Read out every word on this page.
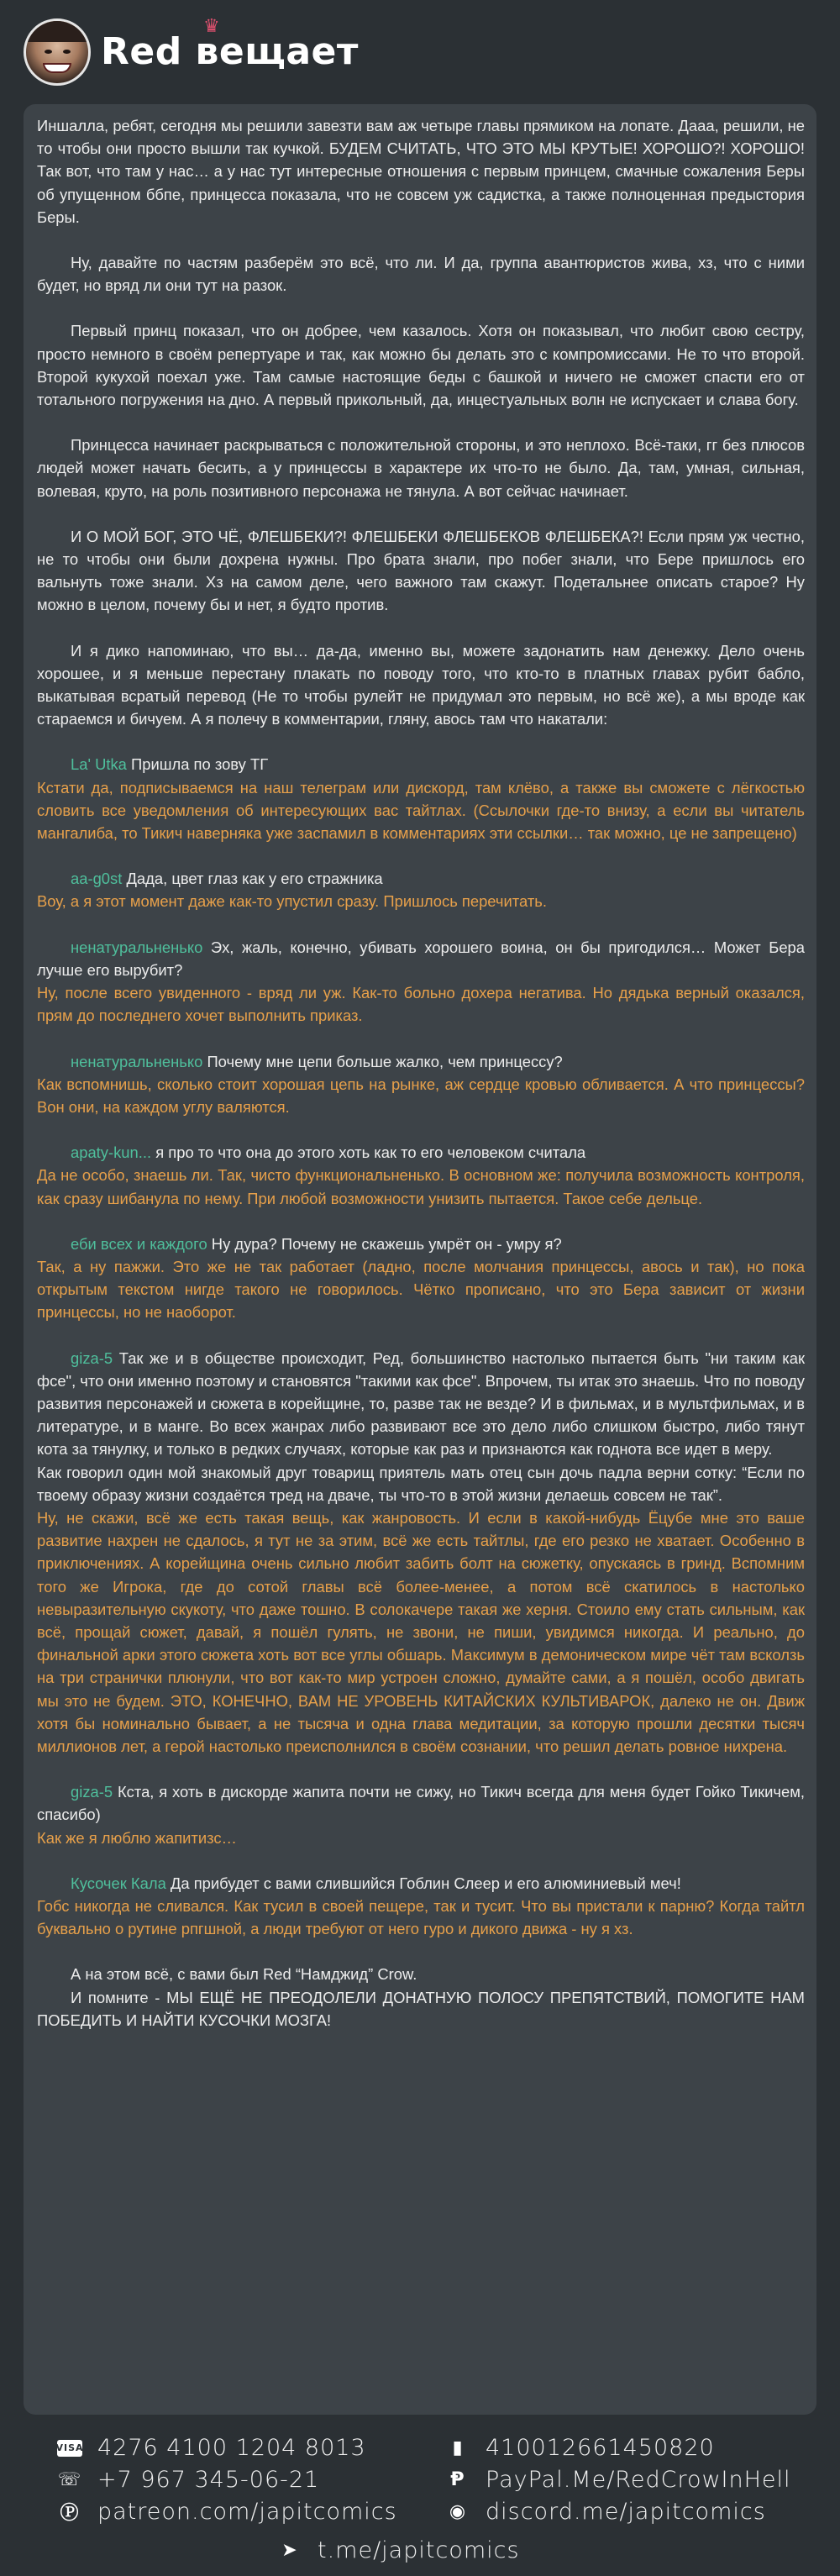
♛
Red вещает

Иншалла, ребят, сегодня мы решили завезти вам аж четыре главы прямиком на лопате. Дааа, решили, не то чтобы они просто вышли так кучкой. БУДЕМ СЧИТАТЬ, ЧТО ЭТО МЫ КРУТЫЕ! ХОРОШО?! ХОРОШО! Так вот, что там у нас… а у нас тут интересные отношения с первым принцем, смачные сожаления Беры об упущенном ббпе, принцесса показала, что не совсем уж садистка, а также полноценная предыстория Беры.

Ну, давайте по частям разберём это всё, что ли. И да, группа авантюристов жива, хз, что с ними будет, но вряд ли они тут на разок.

Первый принц показал, что он добрее, чем казалось. Хотя он показывал, что любит свою сестру, просто немного в своём репертуаре и так, как можно бы делать это с компромиссами. Не то что второй. Второй кукухой поехал уже. Там самые настоящие беды с башкой и ничего не сможет спасти его от тотального погружения на дно. А первый прикольный, да, инцестуальных волн не испускает и слава богу.

Принцесса начинает раскрываться с положительной стороны, и это неплохо. Всё-таки, гг без плюсов людей может начать бесить, а у принцессы в характере их что-то не было. Да, там, умная, сильная, волевая, круто, на роль позитивного персонажа не тянула. А вот сейчас начинает.

И О МОЙ БОГ, ЭТО ЧЁ, ФЛЕШБЕКИ?! ФЛЕШБЕКИ ФЛЕШБЕКОВ ФЛЕШБЕКА?! Если прям уж честно, не то чтобы они были дохрена нужны. Про брата знали, про побег знали, что Бере пришлось его вальнуть тоже знали. Хз на самом деле, чего важного там скажут. Подетальнее описать старое? Ну можно в целом, почему бы и нет, я будто против.

И я дико напоминаю, что вы… да-да, именно вы, можете задонатить нам денежку. Дело очень хорошее, и я меньше перестану плакать по поводу того, что кто-то в платных главах рубит бабло, выкатывая всратый перевод (Не то чтобы рулейт не придумал это первым, но всё же), а мы вроде как стараемся и бичуем. А я полечу в комментарии, гляну, авось там что накатали:

La' Utka Пришла по зову ТГ

Кстати да, подписываемся на наш телеграм или дискорд, там клёво, а также вы сможете с лёгкостью словить все уведомления об интересующих вас тайтлах. (Ссылочки где-то внизу, а если вы читатель мангалиба, то Тикич наверняка уже заспамил в комментариях эти ссылки… так можно, це не запрещено)

aa-g0st Дада, цвет глаз как у его стражника

Воу, а я этот момент даже как-то упустил сразу. Пришлось перечитать.

ненатуральненько Эх, жаль, конечно, убивать хорошего воина, он бы пригодился… Может Бера лучше его вырубит?

Ну, после всего увиденного - вряд ли уж. Как-то больно дохера негатива. Но дядька верный оказался, прям до последнего хочет выполнить приказ.

ненатуральненько Почему мне цепи больше жалко, чем принцессу?

Как вспомнишь, сколько стоит хорошая цепь на рынке, аж сердце кровью обливается. А что принцессы? Вон они, на каждом углу валяются.

apaty-kun... я про то что она до этого хоть как то его человеком считала

Да не особо, знаешь ли. Так, чисто функциональненько. В основном же: получила возможность контроля, как сразу шибанула по нему. При любой возможности унизить пытается. Такое себе дельце.

еби всех и каждого Ну дура? Почему не скажешь умрёт он - умру я?

Так, а ну пажжи. Это же не так работает (ладно, после молчания принцессы, авось и так), но пока открытым текстом нигде такого не говорилось. Чётко прописано, что это Бера зависит от жизни принцессы, но не наоборот.

giza-5 Так же и в обществе происходит, Ред, большинство настолько пытается быть "ни таким как фсе", что они именно поэтому и становятся "такими как фсе". Впрочем, ты итак это знаешь. Что по поводу развития персонажей и сюжета в корейщине, то, разве так не везде? И в фильмах, и в мультфильмах, и в литературе, и в манге. Во всех жанрах либо развивают все это дело либо слишком быстро, либо тянут кота за тянулку, и только в редких случаях, которые как раз и признаются как годнота все идет в меру.

Как говорил один мой знакомый друг товарищ приятель мать отец сын дочь падла верни сотку: “Если по твоему образу жизни создаётся тред на дваче, ты что-то в этой жизни делаешь совсем не так”.

Ну, не скажи, всё же есть такая вещь, как жанровость. И если в какой-нибудь Ёцубе мне это ваше развитие нахрен не сдалось, я тут не за этим, всё же есть тайтлы, где его резко не хватает. Особенно в приключениях. А корейщина очень сильно любит забить болт на сюжетку, опускаясь в гринд. Вспомним того же Игрока, где до сотой главы всё более-менее, а потом всё скатилось в настолько невыразительную скукоту, что даже тошно. В солокачере такая же херня. Стоило ему стать сильным, как всё, прощай сюжет, давай, я пошёл гулять, не звони, не пиши, увидимся никогда. И реально, до финальной арки этого сюжета хоть вот все углы обшарь. Максимум в демоническом мире чёт там всколзь на три странички плюнули, что вот как-то мир устроен сложно, думайте сами, а я пошёл, особо двигать мы это не будем. ЭТО, КОНЕЧНО, ВАМ НЕ УРОВЕНЬ КИТАЙСКИХ КУЛЬТИВАРОК, далеко не он. Движ хотя бы номинально бывает, а не тысяча и одна глава медитации, за которую прошли десятки тысяч миллионов лет, а герой настолько преисполнился в своём сознании, что решил делать ровное нихрена.

giza-5 Кста, я хоть в дискорде жапита почти не сижу, но Тикич всегда для меня будет Гойко Тикичем, спасибо)

Как же я люблю жапитизс…

Кусочек Кала Да прибудет с вами слившийся Гоблин Слеер и его алюминиевый меч!

Гобс никогда не сливался. Как тусил в своей пещере, так и тусит. Что вы пристали к парню? Когда тайтл буквально о рутине рпгшной, а люди требуют от него гуро и дикого движа - ну я хз.

А на этом всё, с вами был Red “Намджид” Crow.

И помните - МЫ ЕЩЁ НЕ ПРЕОДОЛЕЛИ ДОНАТНУЮ ПОЛОСУ ПРЕПЯТСТВИЙ, ПОМОГИТЕ НАМ ПОБЕДИТЬ И НАЙТИ КУСОЧКИ МОЗГА!

VISA 4276 4100 1204 8013
☏ +7 967 345-06-21
Ⓟ patreon.com/japitcomics
▮ 410012661450820
Ᵽ PayPal.Me/RedCrowInHell
◉ discord.me/japitcomics
➤ t.me/japitcomics
